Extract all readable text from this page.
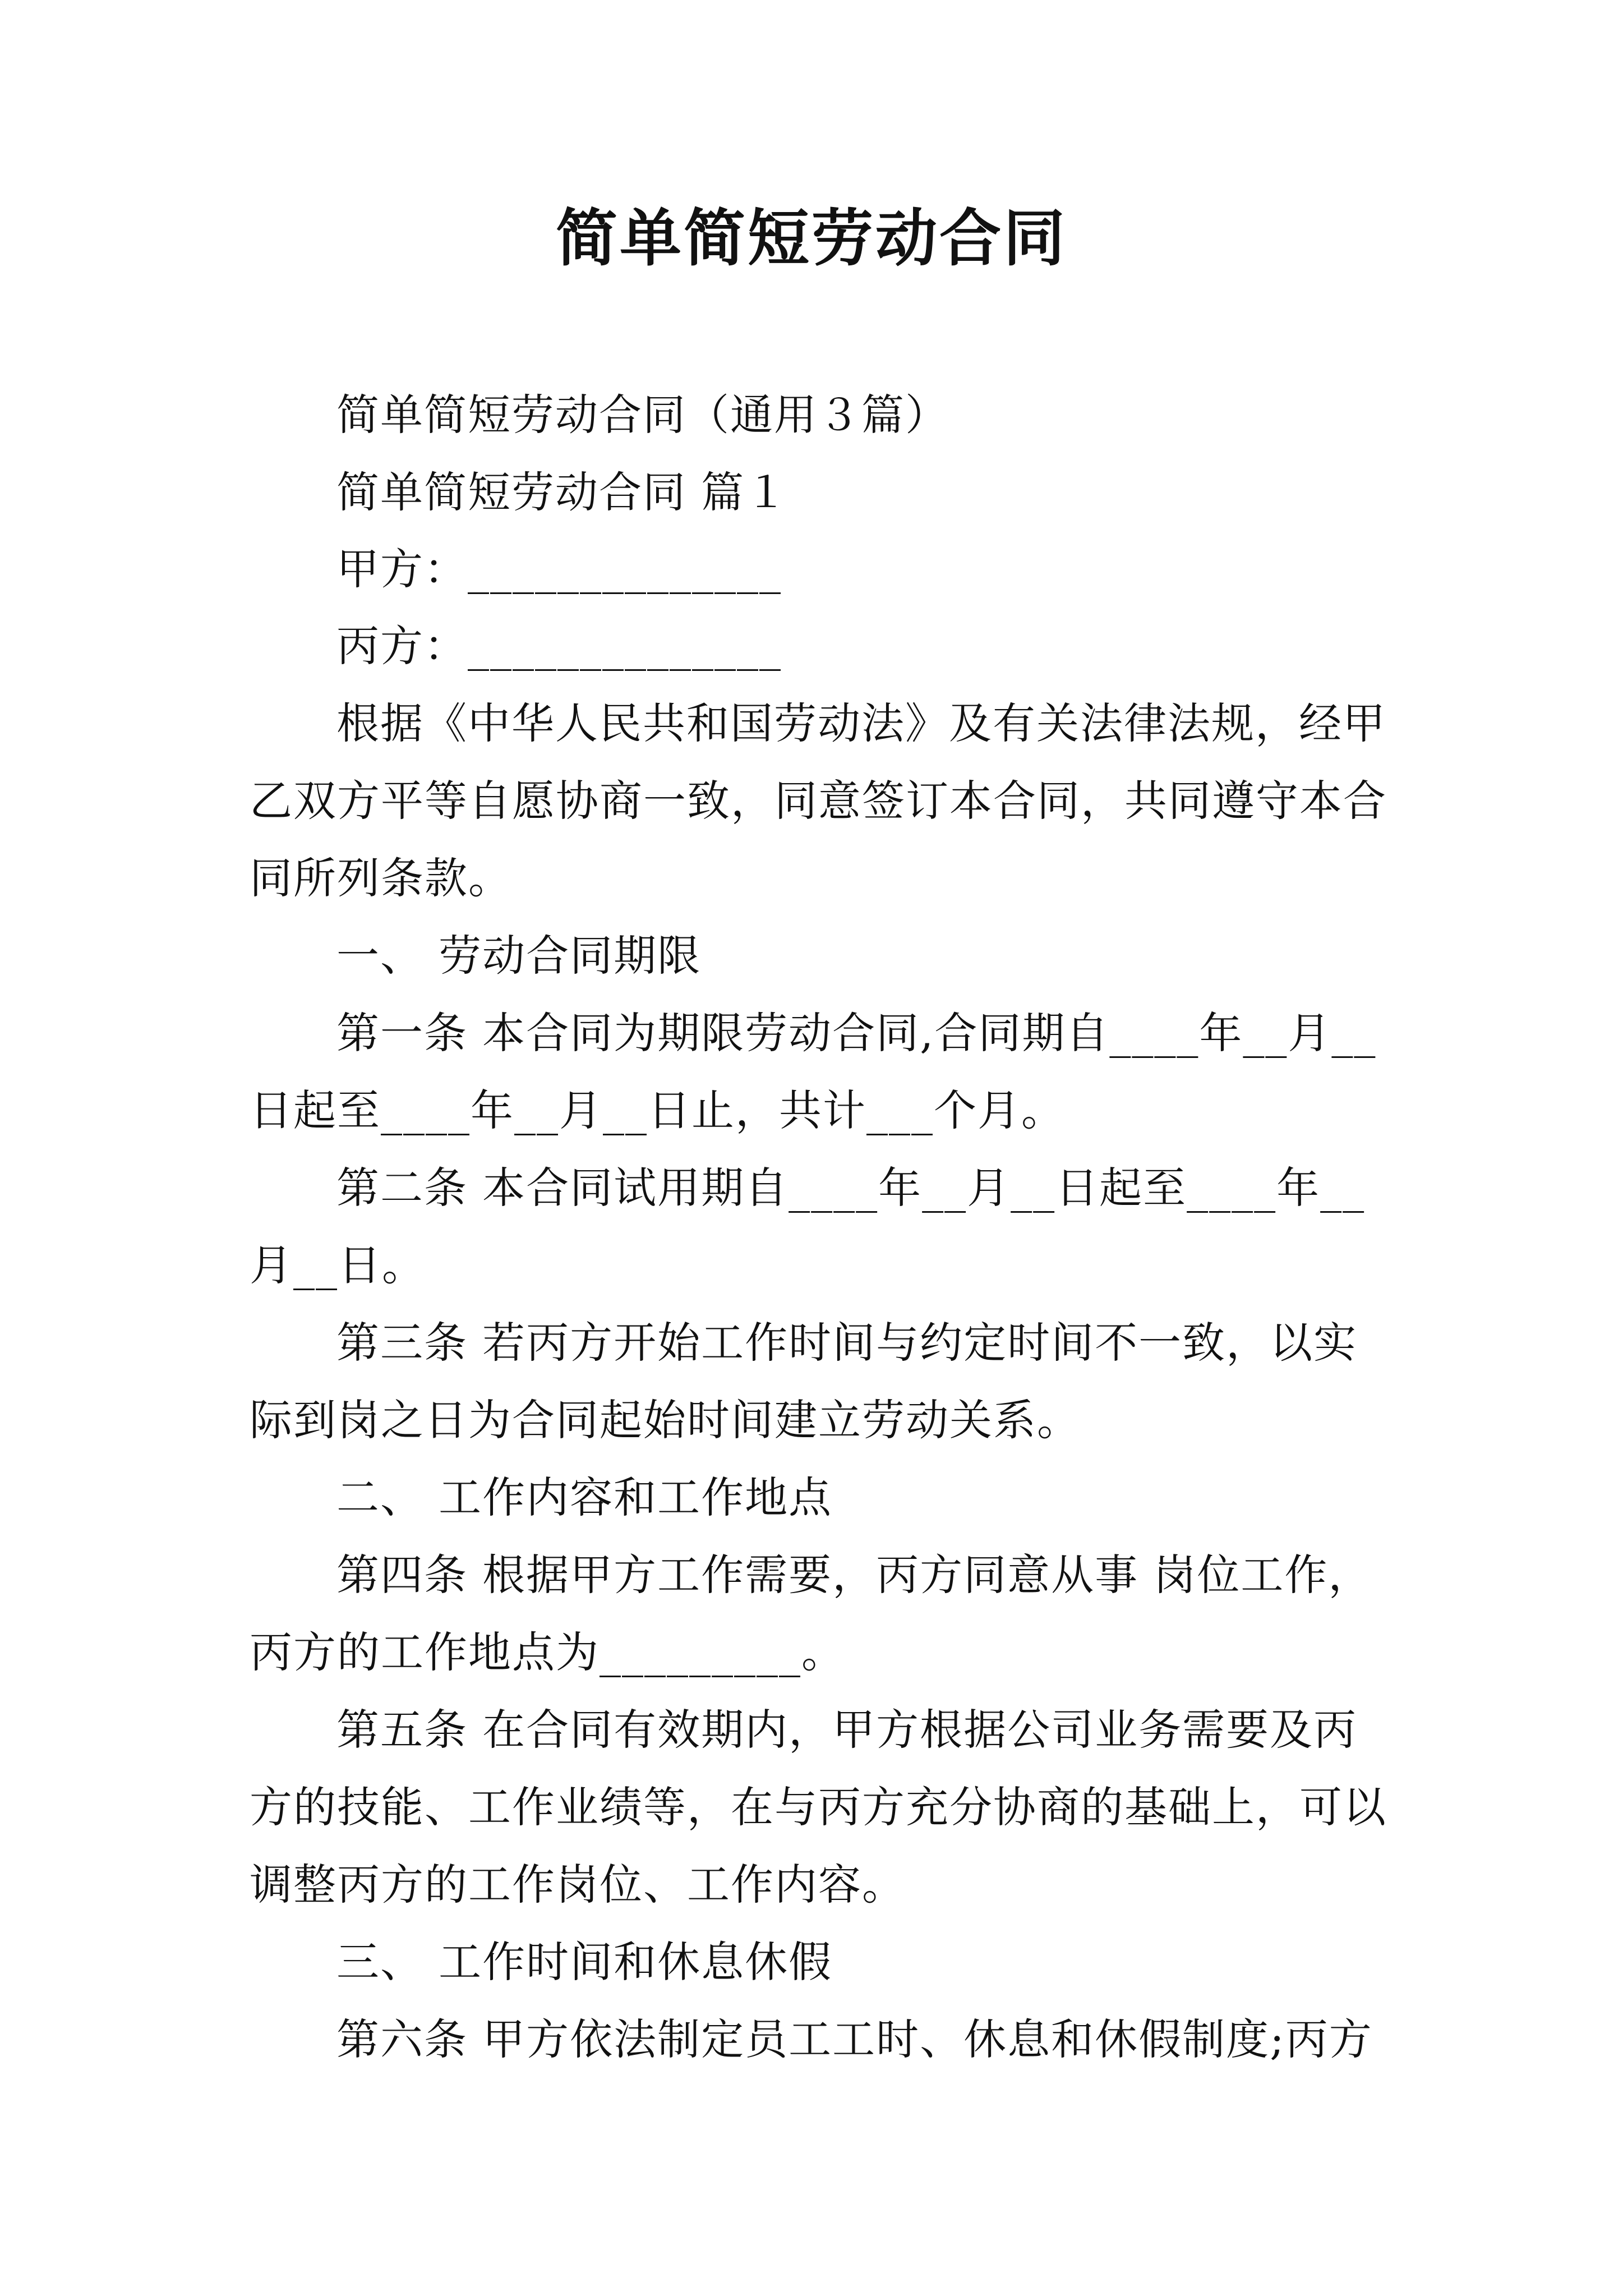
简单简短劳动合同
简单简短劳动合同（通用３篇）
简单简短劳动合同 篇１
甲方：______________
丙方：______________
根据《中华人民共和国劳动法》及有关法律法规，经甲
乙双方平等自愿协商一致，同意签订本合同，共同遵守本合
同所列条款。
一、 劳动合同期限
第一条 本合同为期限劳动合同,合同期自____年__月__
日起至____年__月__日止，共计___个月。
第二条 本合同试用期自____年__月__日起至____年__
月__日。
第三条 若丙方开始工作时间与约定时间不一致，以实
际到岗之日为合同起始时间建立劳动关系。
二、 工作内容和工作地点
第四条 根据甲方工作需要，丙方同意从事 岗位工作，
丙方的工作地点为_________。
第五条 在合同有效期内，甲方根据公司业务需要及丙
方的技能、工作业绩等，在与丙方充分协商的基础上，可以
调整丙方的工作岗位、工作内容。
三、 工作时间和休息休假
第六条 甲方依法制定员工工时、休息和休假制度;丙方
